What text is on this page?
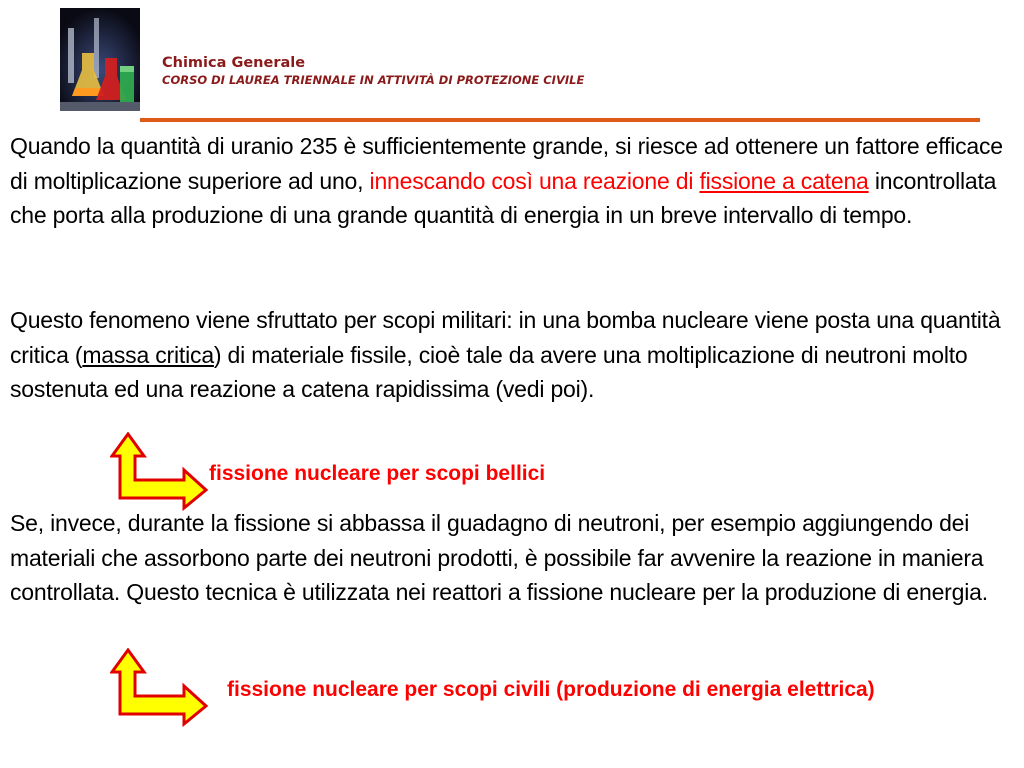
Chimica Generale
CORSO DI LAUREA TRIENNALE IN ATTIVITÀ DI PROTEZIONE CIVILE

Quando la quantità di uranio 235 è sufficientemente grande, si riesce ad ottenere un fattore efficace di moltiplicazione superiore ad uno, innescando così una reazione di fissione a catena incontrollata che porta alla produzione di una grande quantità di energia in un breve intervallo di tempo.

Questo fenomeno viene sfruttato per scopi militari: in una bomba nucleare viene posta una quantità critica (massa critica) di materiale fissile, cioè tale da avere una moltiplicazione di neutroni molto sostenuta ed una reazione a catena rapidissima (vedi poi).

fissione nucleare per scopi bellici

Se, invece, durante la fissione si abbassa il guadagno di neutroni, per esempio aggiungendo dei materiali che assorbono parte dei neutroni prodotti, è possibile far avvenire la reazione in maniera controllata. Questo tecnica è utilizzata nei reattori a fissione nucleare per la produzione di energia.

fissione nucleare per scopi civili (produzione di energia elettrica)
